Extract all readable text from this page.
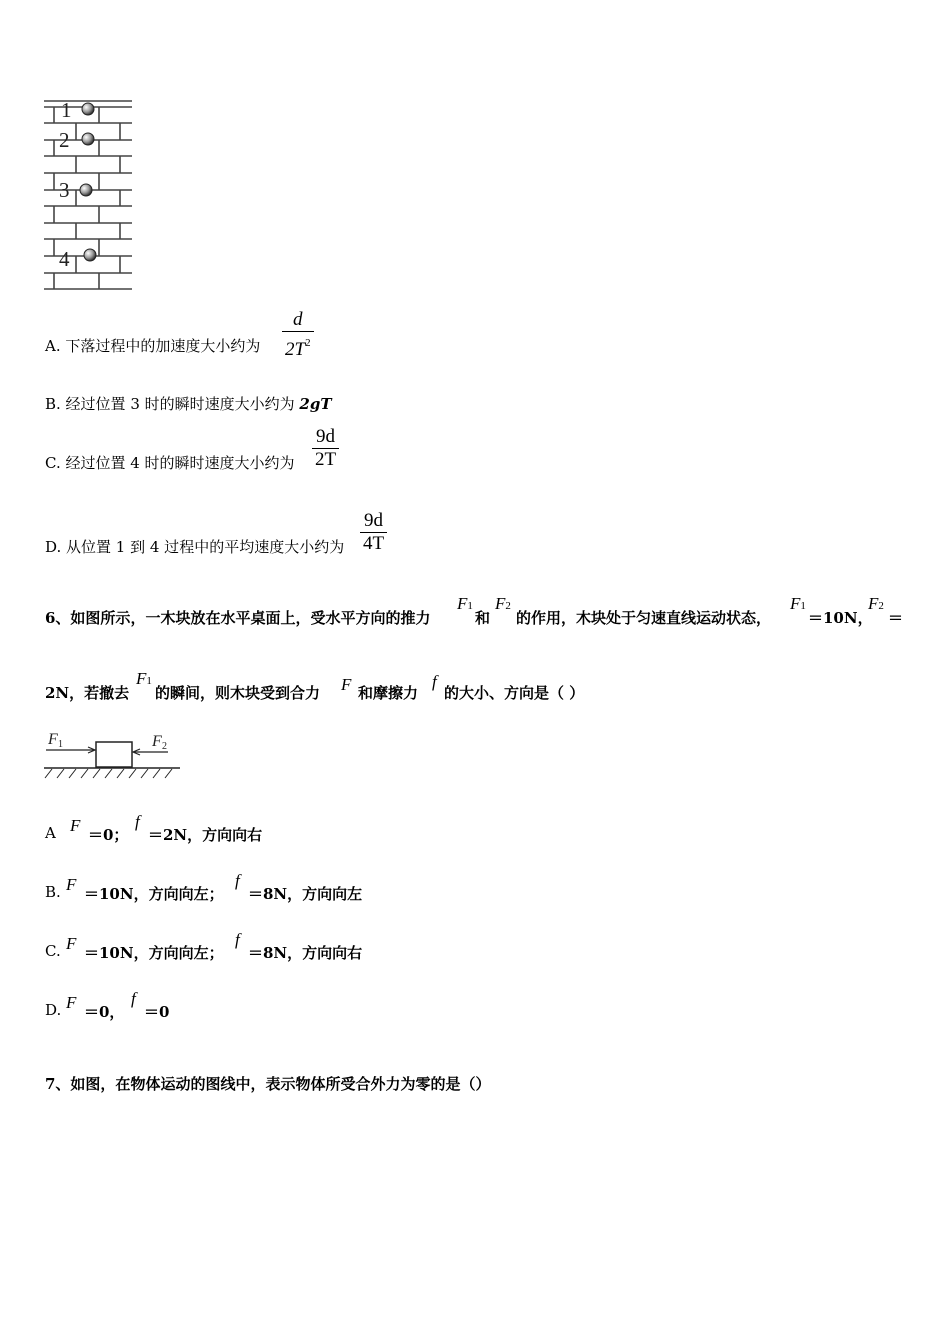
1
2
3
4
A. 下落过程中的加速度大小约为 $\frac{d}{2T^2}$
B. 经过位置 3 时的瞬时速度大小约为 2gT
C. 经过位置 4 时的瞬时速度大小约为 $\frac{9d}{2T}$
D. 从位置 1 到 4 过程中的平均速度大小约为 $\frac{9d}{4T}$
6、如图所示，一木块放在水平桌面上，受水平方向的推力
F1
和
F2
的作用，木块处于匀速直线运动状态，
F1
＝10N，
F2
＝
2N，若撤去
F1
的瞬间，则木块受到合力 F 和摩擦力
f
的大小、方向是（ ）
F 1	F 2
A F ＝0；
f
＝2N，方向向右
B. F ＝10N，方向向左；
f
＝8N，方向向左
C. F ＝10N，方向向左；
f
＝8N，方向向右
D. F ＝0，
f
＝0
7、如图，在物体运动的图线中，表示物体所受合外力为零的是（）
